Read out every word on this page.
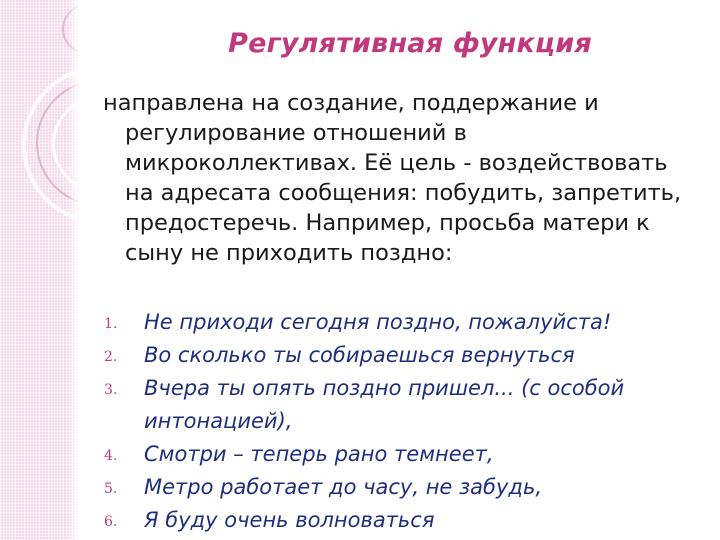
Регулятивная функция

направлена на создание, поддержание и
регулирование отношений в микроколлективах. Её цель - воздействовать на адресата сообщения: побудить, запретить, предостеречь. Например, просьба матери к сыну не приходить поздно:

1. Не приходи сегодня поздно, пожалуйста!
2. Во сколько ты собираешься вернуться
3. Вчера ты опять поздно пришел... (с особой интонацией),
4. Смотри – теперь рано темнеет,
5. Метро работает до часу, не забудь,
6. Я буду очень волноваться
